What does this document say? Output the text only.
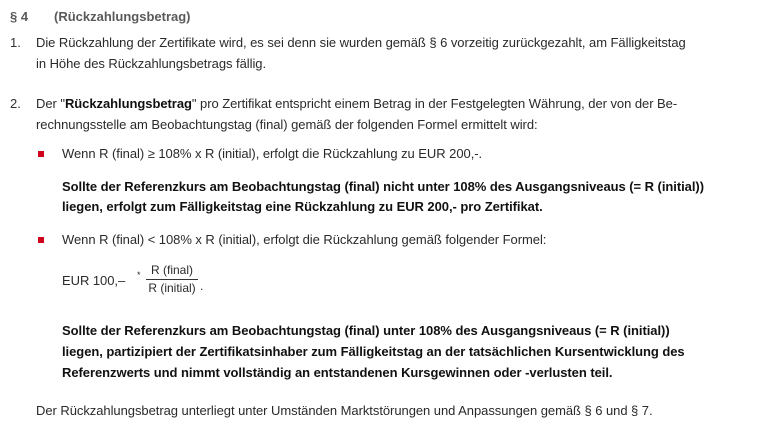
§ 4 (Rückzahlungsbetrag)
1. Die Rückzahlung der Zertifikate wird, es sei denn sie wurden gemäß § 6 vorzeitig zurückgezahlt, am Fälligkeitstag
in Höhe des Rückzahlungsbetrags fällig.
2. Der "Rückzahlungsbetrag" pro Zertifikat entspricht einem Betrag in der Festgelegten Währung, der von der Be-
rechnungsstelle am Beobachtungstag (final) gemäß der folgenden Formel ermittelt wird:
Wenn R (final) ≥ 108% x R (initial), erfolgt die Rückzahlung zu EUR 200,-.
Sollte der Referenzkurs am Beobachtungstag (final) nicht unter 108% des Ausgangsniveaus (= R (initial))
liegen, erfolgt zum Fälligkeitstag eine Rückzahlung zu EUR 200,- pro Zertifikat.
Wenn R (final) < 108% x R (initial), erfolgt die Rückzahlung gemäß folgender Formel:
EUR 100,– * R (final)
R (initial) .
Sollte der Referenzkurs am Beobachtungstag (final) unter 108% des Ausgangsniveaus (= R (initial))
liegen, partizipiert der Zertifikatsinhaber zum Fälligkeitstag an der tatsächlichen Kursentwicklung des
Referenzwerts und nimmt vollständig an entstandenen Kursgewinnen oder -verlusten teil.
Der Rückzahlungsbetrag unterliegt unter Umständen Marktstörungen und Anpassungen gemäß § 6 und § 7.
